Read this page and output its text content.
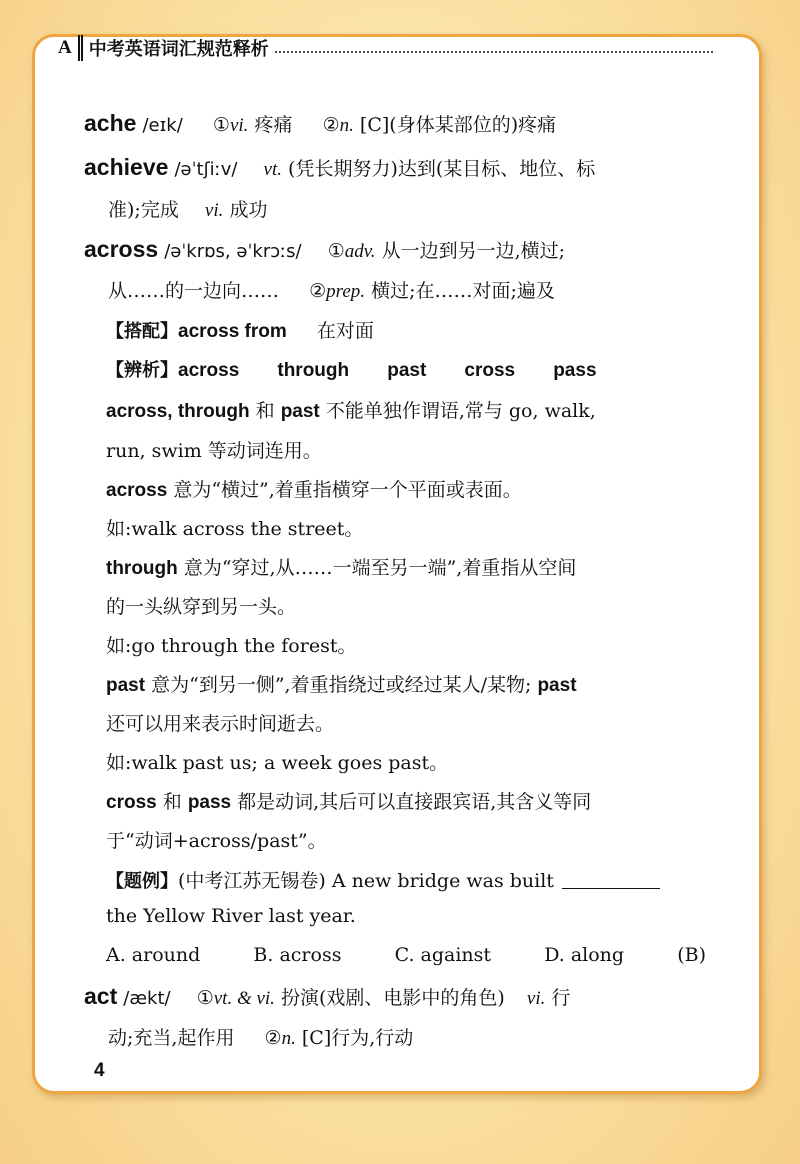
A 中考英语词汇规范释析
ache /eɪk/ ①vi. 疼痛 ②n. [C](身体某部位的)疼痛
achieve /əˈtʃiːv/ vt. (凭长期努力)达到(某目标、地位、标
准);完成 vi. 成功
across /əˈkrɒs, əˈkrɔːs/ ①adv. 从一边到另一边,横过;
从……的一边向…… ②prep. 横过;在……对面;遍及
【搭配】across from 在对面
【辨析】across through past cross pass
across, through 和 past 不能单独作谓语,常与 go, walk,
run, swim 等动词连用。
across 意为“横过”,着重指横穿一个平面或表面。
如:walk across the street。
through 意为“穿过,从……一端至另一端”,着重指从空间
的一头纵穿到另一头。
如:go through the forest。
past 意为“到另一侧”,着重指绕过或经过某人/某物; past
还可以用来表示时间逝去。
如:walk past us; a week goes past。
cross 和 pass 都是动词,其后可以直接跟宾语,其含义等同
于“动词+across/past”。
【题例】(中考江苏无锡卷) A new bridge was built
the Yellow River last year.
A. around	B. across	C. against	D. along	(B)
act /ækt/ ①vt. & vi. 扮演(戏剧、电影中的角色) vi. 行
动;充当,起作用 ②n. [C]行为,行动
4
